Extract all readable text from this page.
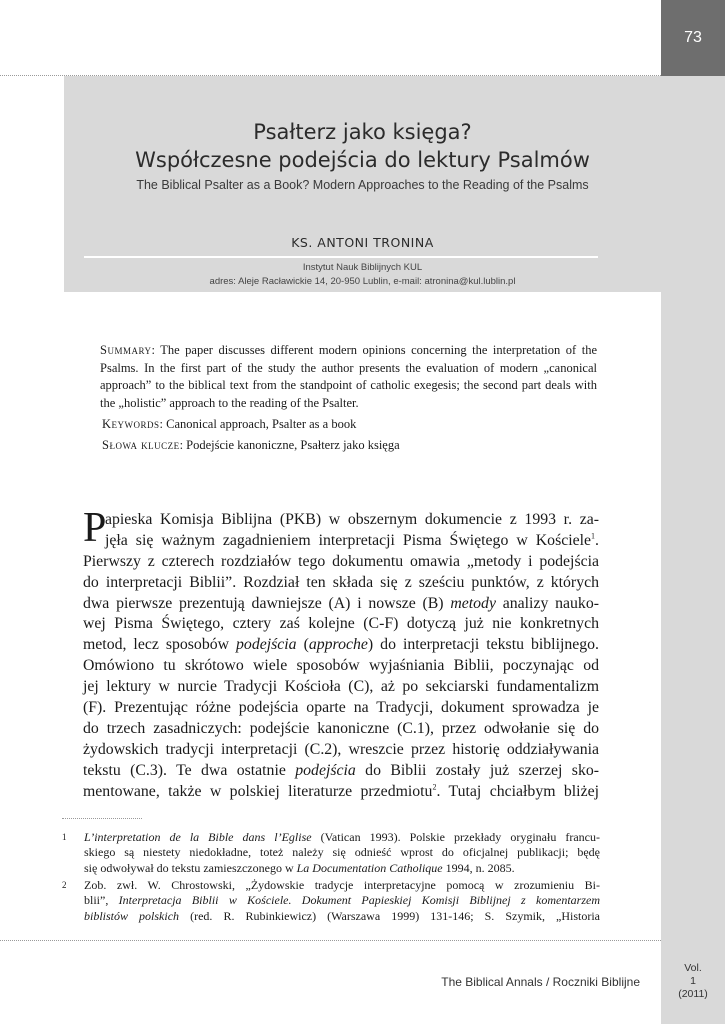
73
Psałterz jako księga?
Współczesne podejścia do lektury Psalmów
The Biblical Psalter as a Book? Modern Approaches to the Reading of the Psalms
KS. ANTONI TRONINA
Instytut Nauk Biblijnych KUL
adres: Aleje Racławickie 14, 20-950 Lublin, e-mail: atronina@kul.lublin.pl
Summary: The paper discusses different modern opinions concerning the interpretation of the Psalms. In the first part of the study the author presents the evaluation of modern „canonical approach” to the biblical text from the standpoint of catholic exegesis; the second part deals with the „holistic” approach to the reading of the Psalter.
Keywords: Canonical approach, Psalter as a book
Słowa klucze: Podejście kanoniczne, Psałterz jako księga
P
apieska Komisja Biblijna (PKB) w obszernym dokumencie z 1993 r. za-
jęła się ważnym zagadnieniem interpretacji Pisma Świętego w Kościele$^1$.
Pierwszy z czterech rozdziałów tego dokumentu omawia „metody i podejścia
do interpretacji Biblii”. Rozdział ten składa się z sześciu punktów, z których
dwa pierwsze prezentują dawniejsze (A) i nowsze (B) metody analizy nauko-
wej Pisma Świętego, cztery zaś kolejne (C-F) dotyczą już nie konkretnych
metod, lecz sposobów podejścia (approche) do interpretacji tekstu biblijnego.
Omówiono tu skrótowo wiele sposobów wyjaśniania Biblii, poczynając od
jej lektury w nurcie Tradycji Kościoła (C), aż po sekciarski fundamentalizm
(F). Prezentując różne podejścia oparte na Tradycji, dokument sprowadza je
do trzech zasadniczych: podejście kanoniczne (C.1), przez odwołanie się do
żydowskich tradycji interpretacji (C.2), wreszcie przez historię oddziaływania
tekstu (C.3). Te dwa ostatnie podejścia do Biblii zostały już szerzej sko-
mentowane, także w polskiej literaturze przedmiotu$^2$. Tutaj chciałbym bliżej
1 L’interpretation de la Bible dans l’Eglise (Vatican 1993). Polskie przekłady oryginału francu-
skiego są niestety niedokładne, toteż należy się odnieść wprost do oficjalnej publikacji; będę
się odwoływał do tekstu zamieszczonego w La Documentation Catholique 1994, n. 2085.
2 Zob. zwł. W. Chrostowski, „Żydowskie tradycje interpretacyjne pomocą w zrozumieniu Bi-
blii”, Interpretacja Biblii w Kościele. Dokument Papieskiej Komisji Biblijnej z komentarzem
biblistów polskich (red. R. Rubinkiewicz) (Warszawa 1999) 131-146; S. Szymik, „Historia
The Biblical Annals / Roczniki Biblijne
Vol.
1
(2011)
